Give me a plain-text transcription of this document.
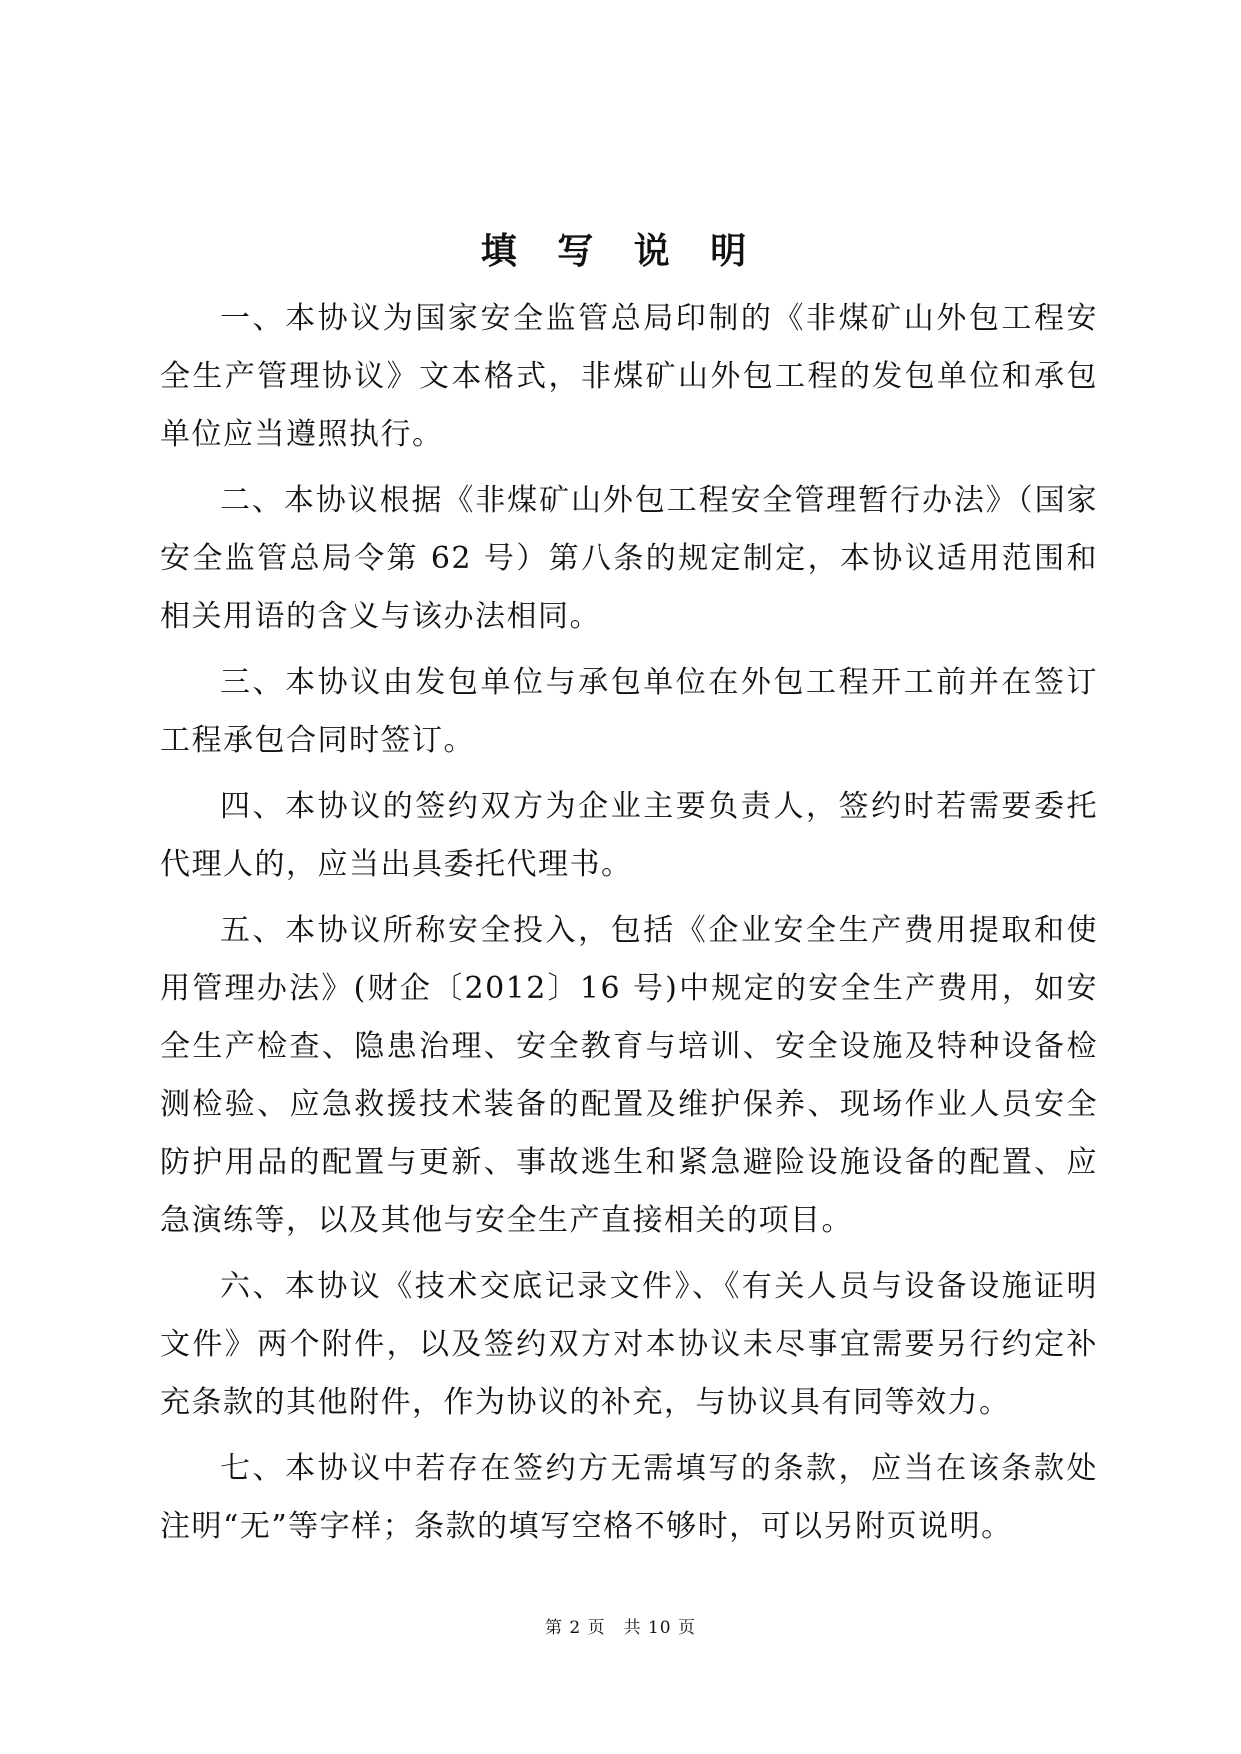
填 写 说 明

一、本协议为国家安全监管总局印制的《非煤矿山外包工程安全生产管理协议》文本格式，非煤矿山外包工程的发包单位和承包单位应当遵照执行。

二、本协议根据《非煤矿山外包工程安全管理暂行办法》（国家安全监管总局令第 62 号）第八条的规定制定，本协议适用范围和相关用语的含义与该办法相同。

三、本协议由发包单位与承包单位在外包工程开工前并在签订工程承包合同时签订。

四、本协议的签约双方为企业主要负责人，签约时若需要委托代理人的，应当出具委托代理书。

五、本协议所称安全投入，包括《企业安全生产费用提取和使用管理办法》(财企〔2012〕16 号)中规定的安全生产费用，如安全生产检查、隐患治理、安全教育与培训、安全设施及特种设备检测检验、应急救援技术装备的配置及维护保养、现场作业人员安全防护用品的配置与更新、事故逃生和紧急避险设施设备的配置、应急演练等，以及其他与安全生产直接相关的项目。

六、本协议《技术交底记录文件》、《有关人员与设备设施证明文件》两个附件，以及签约双方对本协议未尽事宜需要另行约定补充条款的其他附件，作为协议的补充，与协议具有同等效力。

七、本协议中若存在签约方无需填写的条款，应当在该条款处注明“无”等字样；条款的填写空格不够时，可以另附页说明。

第 2 页　共 10 页
